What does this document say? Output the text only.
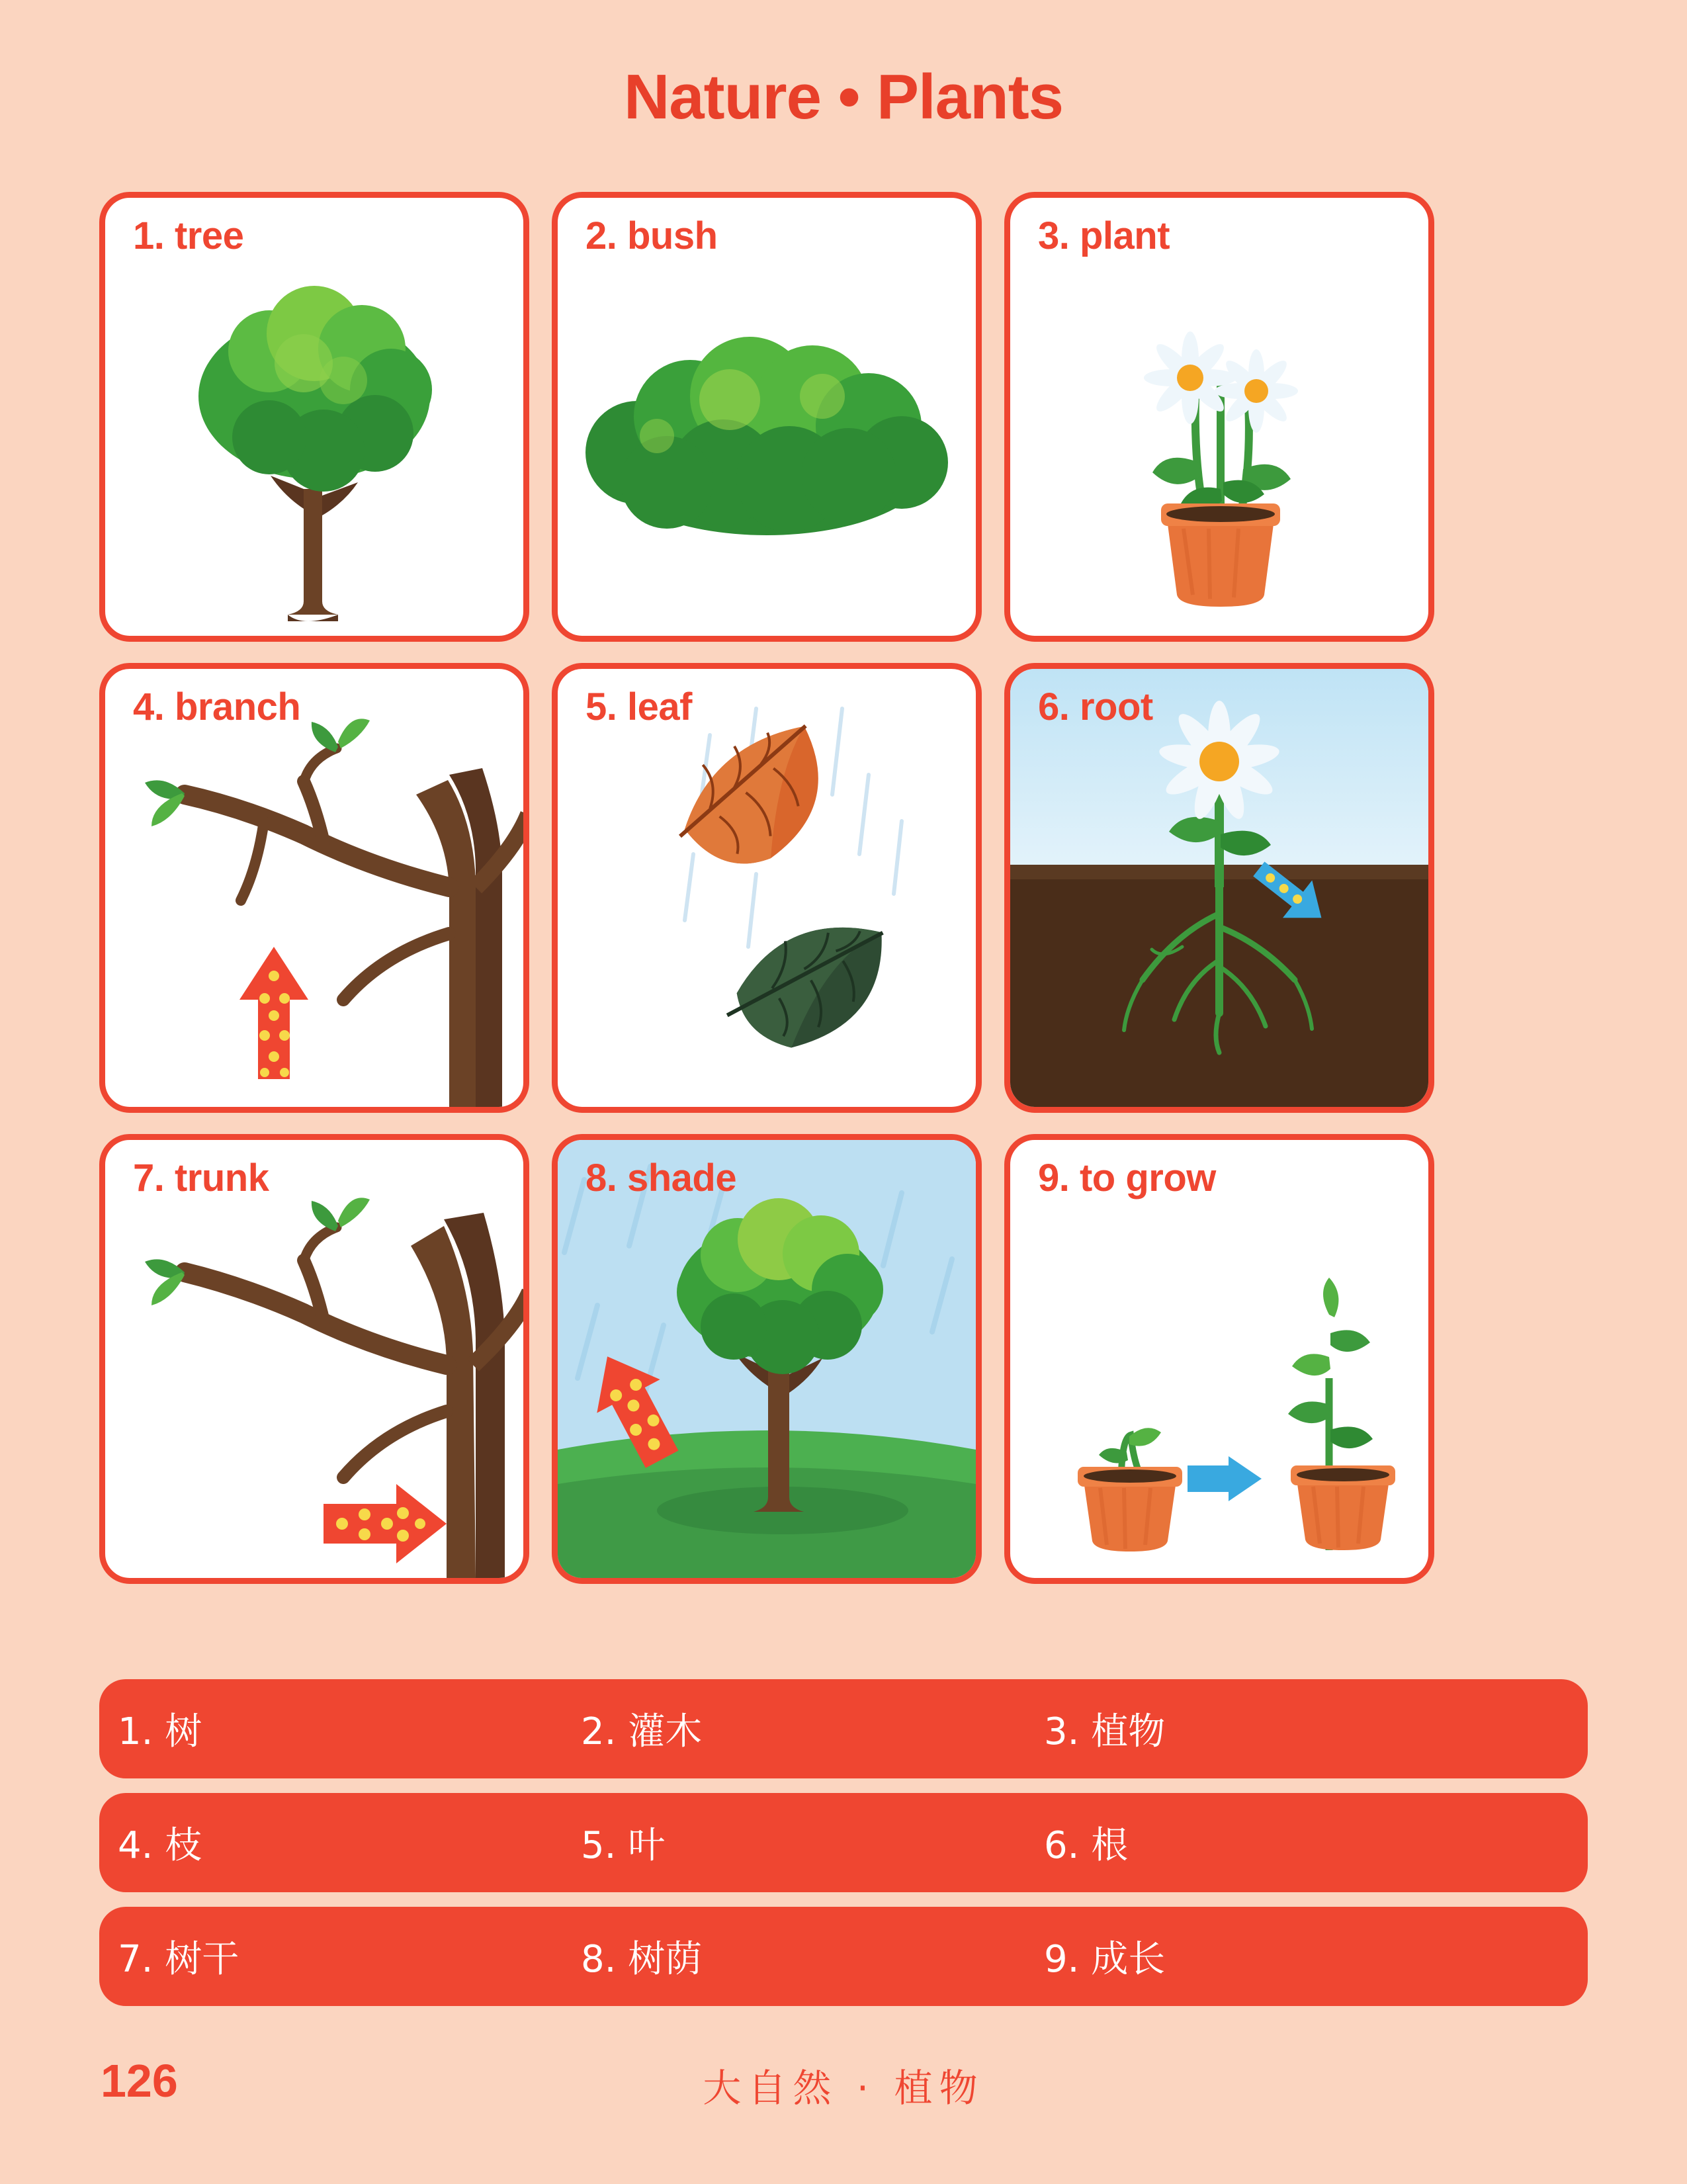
Nature • Plants
1. tree	2. bush	3. plant
4. branch	5. leaf	6. root
7. trunk	8. shade	9. to grow
1. 树	2. 灌木	3. 植物
4. 枝	5. 叶	6. 根
7. 树干	8. 树荫	9. 成长
126	大自然 · 植物
